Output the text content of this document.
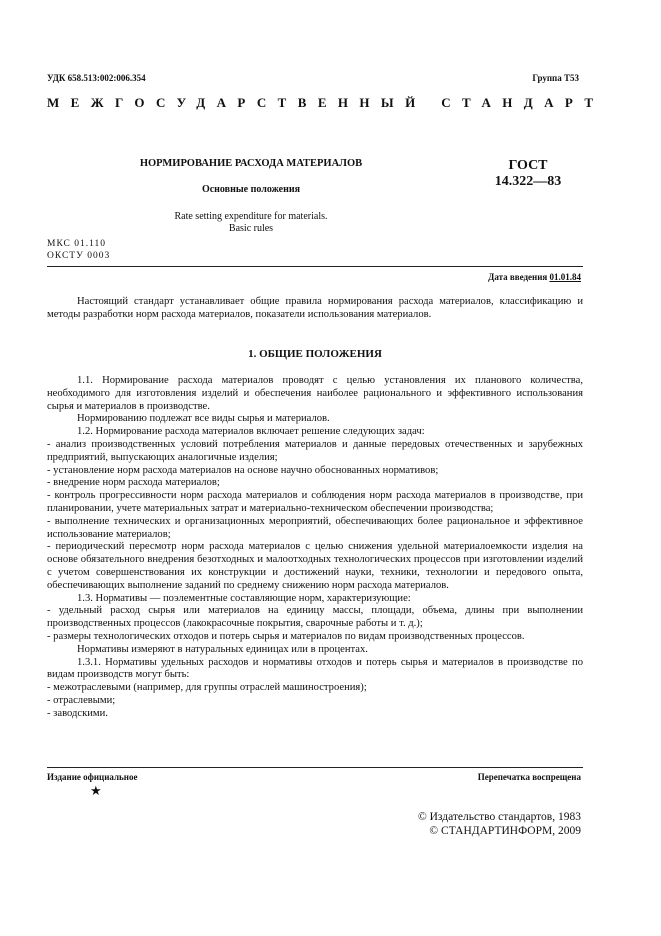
УДК 658.513:002:006.354	Группа Т53
МЕЖГОСУДАРСТВЕННЫЙ СТАНДАРТ
НОРМИРОВАНИЕ РАСХОДА МАТЕРИАЛОВ
Основные положения
Rate setting expenditure for materials.
Basic rules
ГОСТ
14.322—83
МКС 01.110
ОКСТУ 0003
Дата введения 01.01.84

Настоящий стандарт устанавливает общие правила нормирования расхода материалов, классификацию и методы разработки норм расхода материалов, показатели использования материалов.

1. ОБЩИЕ ПОЛОЖЕНИЯ

1.1. Нормирование расхода материалов проводят с целью установления их планового количества, необходимого для изготовления изделий и обеспечения наиболее рационального и эффективного использования сырья и материалов в производстве.

Нормированию подлежат все виды сырья и материалов.

1.2. Нормирование расхода материалов включает решение следующих задач:

- анализ производственных условий потребления материалов и данные передовых отечественных и зарубежных предприятий, выпускающих аналогичные изделия;

- установление норм расхода материалов на основе научно обоснованных нормативов;

- внедрение норм расхода материалов;

- контроль прогрессивности норм расхода материалов и соблюдения норм расхода материалов в производстве, при планировании, учете материальных затрат и материально-техническом обеспечении производства;

- выполнение технических и организационных мероприятий, обеспечивающих более рациональное и эффективное использование материалов;

- периодический пересмотр норм расхода материалов с целью снижения удельной материалоемкости изделия на основе обязательного внедрения безотходных и малоотходных технологических процессов при изготовлении изделий с учетом совершенствования их конструкции и достижений науки, техники, технологии и передового опыта, обеспечивающих выполнение заданий по среднему снижению норм расхода материалов.

1.3. Нормативы — поэлементные составляющие норм, характеризующие:

- удельный расход сырья или материалов на единицу массы, площади, объема, длины при выполнении производственных процессов (лакокрасочные покрытия, сварочные работы и т. д.);

- размеры технологических отходов и потерь сырья и материалов по видам производственных процессов.

Нормативы измеряют в натуральных единицах или в процентах.

1.3.1. Нормативы удельных расходов и нормативы отходов и потерь сырья и материалов в производстве по видам производств могут быть:

- межотраслевыми (например, для группы отраслей машиностроения);

- отраслевыми;

- заводскими.

Издание официальное	Перепечатка воспрещена
★
© Издательство стандартов, 1983
© СТАНДАРТИНФОРМ, 2009
